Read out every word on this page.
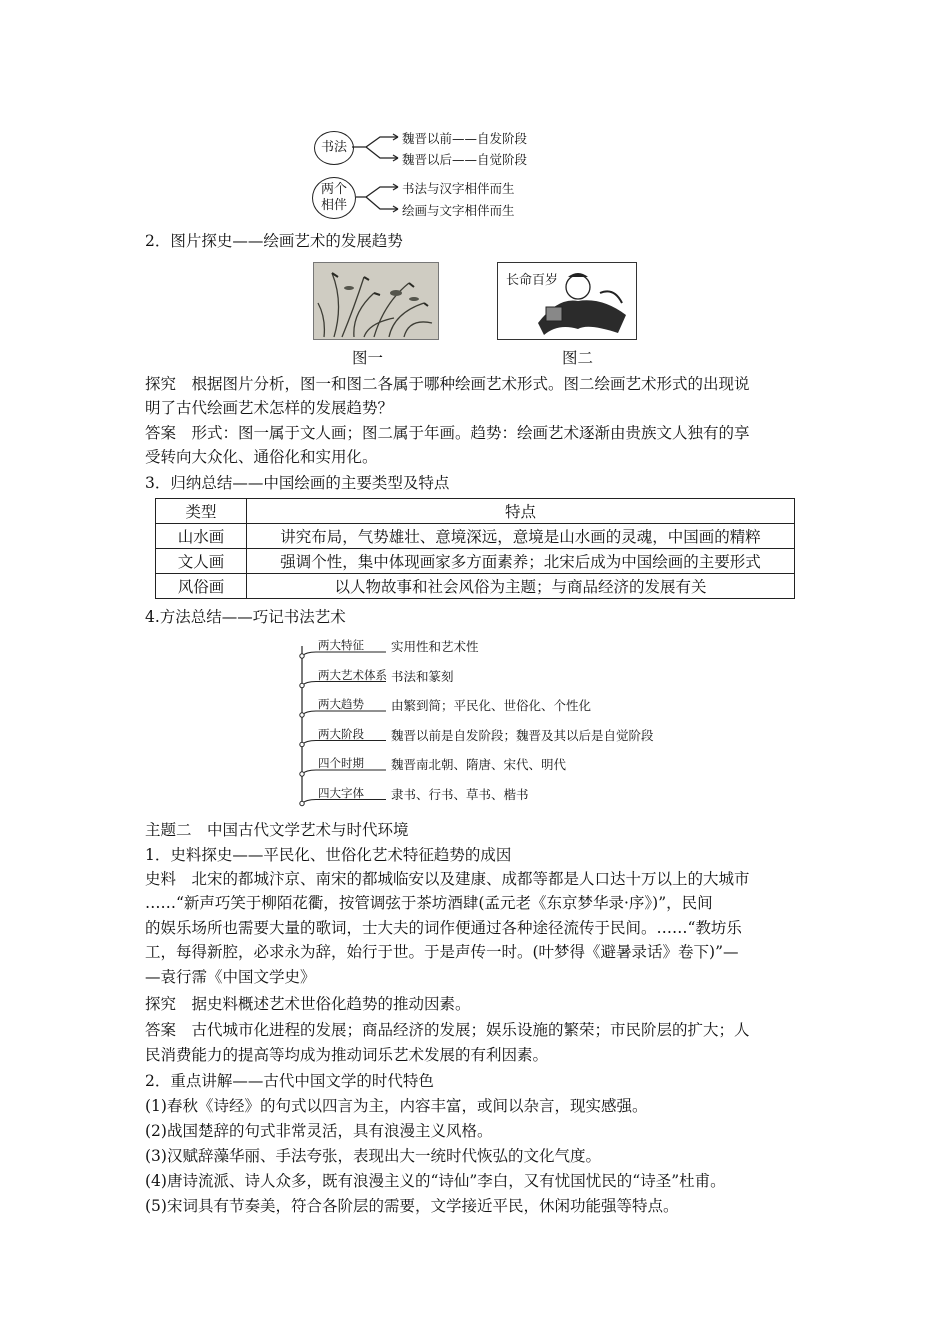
书法
魏晋以前——自发阶段
魏晋以后——自觉阶段
两个
相伴
书法与汉字相伴而生
绘画与文字相伴而生
2．图片探史——绘画艺术的发展趋势
图一
长命百岁
图二
探究　根据图片分析，图一和图二各属于哪种绘画艺术形式。图二绘画艺术形式的出现说
明了古代绘画艺术怎样的发展趋势？
答案　形式：图一属于文人画；图二属于年画。趋势：绘画艺术逐渐由贵族文人独有的享
受转向大众化、通俗化和实用化。
3．归纳总结——中国绘画的主要类型及特点
类型	特点
山水画	讲究布局，气势雄壮、意境深远，意境是山水画的灵魂，中国画的精粹
文人画	强调个性，集中体现画家多方面素养；北宋后成为中国绘画的主要形式
风俗画	以人物故事和社会风俗为主题；与商品经济的发展有关
4.方法总结——巧记书法艺术
两大特征 实用性和艺术性
两大艺术体系 书法和篆刻
两大趋势 由繁到简；平民化、世俗化、个性化
两大阶段 魏晋以前是自发阶段；魏晋及其以后是自觉阶段
四个时期 魏晋南北朝、隋唐、宋代、明代
四大字体 隶书、行书、草书、楷书
主题二　中国古代文学艺术与时代环境
1．史料探史——平民化、世俗化艺术特征趋势的成因
史料　北宋的都城汴京、南宋的都城临安以及建康、成都等都是人口达十万以上的大城市
……“新声巧笑于柳陌花衢，按管调弦于茶坊酒肆(孟元老《东京梦华录·序》)”，民间
的娱乐场所也需要大量的歌词，士大夫的词作便通过各种途径流传于民间。……“教坊乐
工，每得新腔，必求永为辞，始行于世。于是声传一时。(叶梦得《避暑录话》卷下)”—
—袁行霈《中国文学史》
探究　据史料概述艺术世俗化趋势的推动因素。
答案　古代城市化进程的发展；商品经济的发展；娱乐设施的繁荣；市民阶层的扩大；人
民消费能力的提高等均成为推动词乐艺术发展的有利因素。
2．重点讲解——古代中国文学的时代特色
(1)春秋《诗经》的句式以四言为主，内容丰富，或间以杂言，现实感强。
(2)战国楚辞的句式非常灵活，具有浪漫主义风格。
(3)汉赋辞藻华丽、手法夸张，表现出大一统时代恢弘的文化气度。
(4)唐诗流派、诗人众多，既有浪漫主义的“诗仙”李白，又有忧国忧民的“诗圣”杜甫。
(5)宋词具有节奏美，符合各阶层的需要，文学接近平民，休闲功能强等特点。
